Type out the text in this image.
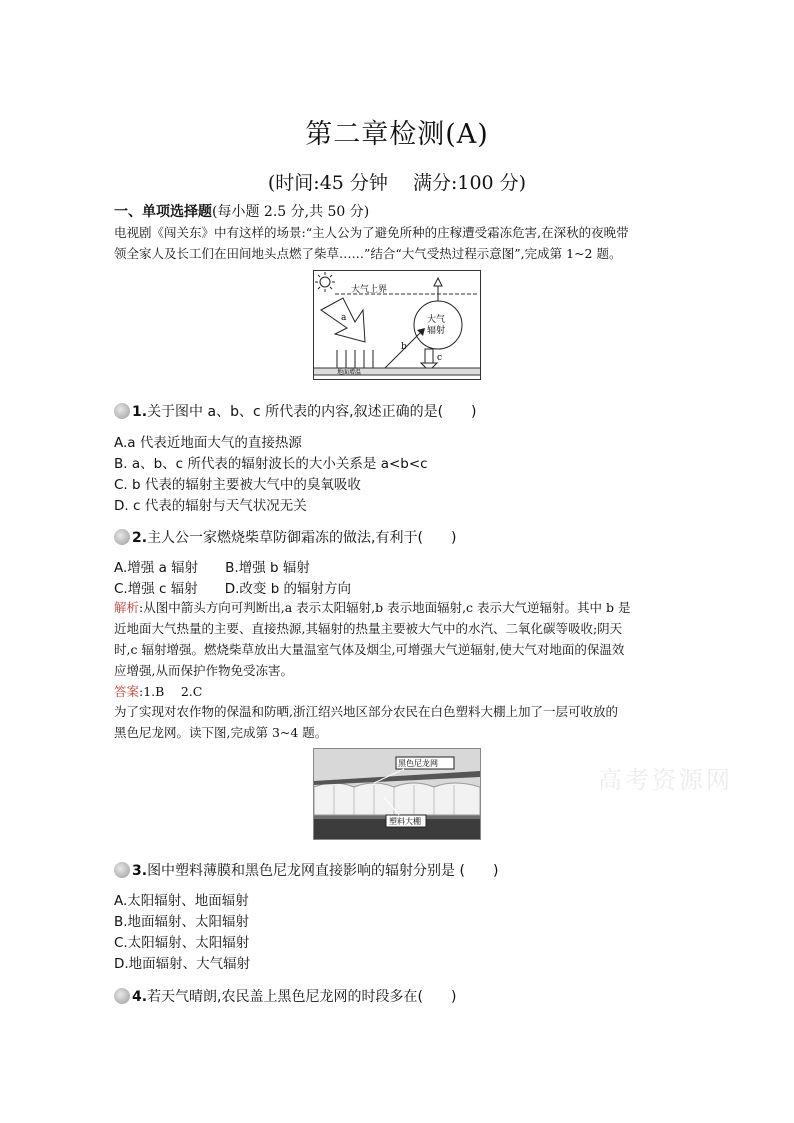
第二章检测(A)
(时间:45 分钟　 满分:100 分)
一、单项选择题(每小题 2.5 分,共 50 分)
电视剧《闯关东》中有这样的场景:“主人公为了避免所种的庄稼遭受霜冻危害,在深秋的夜晚带
领全家人及长工们在田间地头点燃了柴草……”结合“大气受热过程示意图”,完成第 1~2 题。
大气上界
a	大气
辐射
b
c
地面增温
1.关于图中 a、b、c 所代表的内容,叙述正确的是(　　)
A.a 代表近地面大气的直接热源
B. a、b、c 所代表的辐射波长的大小关系是 a<b<c
C. b 代表的辐射主要被大气中的臭氧吸收
D. c 代表的辐射与天气状况无关
2.主人公一家燃烧柴草防御霜冻的做法,有利于(　　)
A.增强 a 辐射　　B.增强 b 辐射
C.增强 c 辐射　　D.改变 b 的辐射方向
解析:从图中箭头方向可判断出,a 表示太阳辐射,b 表示地面辐射,c 表示大气逆辐射。其中 b 是
近地面大气热量的主要、直接热源,其辐射的热量主要被大气中的水汽、二氧化碳等吸收;阴天
时,c 辐射增强。燃烧柴草放出大量温室气体及烟尘,可增强大气逆辐射,使大气对地面的保温效
应增强,从而保护作物免受冻害。
答案:1.B　 2.C
为了实现对农作物的保温和防晒,浙江绍兴地区部分农民在白色塑料大棚上加了一层可收放的
黑色尼龙网。读下图,完成第 3~4 题。
黑色尼龙网
塑料大棚
高考资源网
3.图中塑料薄膜和黑色尼龙网直接影响的辐射分别是 (　　)
A.太阳辐射、地面辐射
B.地面辐射、太阳辐射
C.太阳辐射、太阳辐射
D.地面辐射、大气辐射
4.若天气晴朗,农民盖上黑色尼龙网的时段多在(　　)
